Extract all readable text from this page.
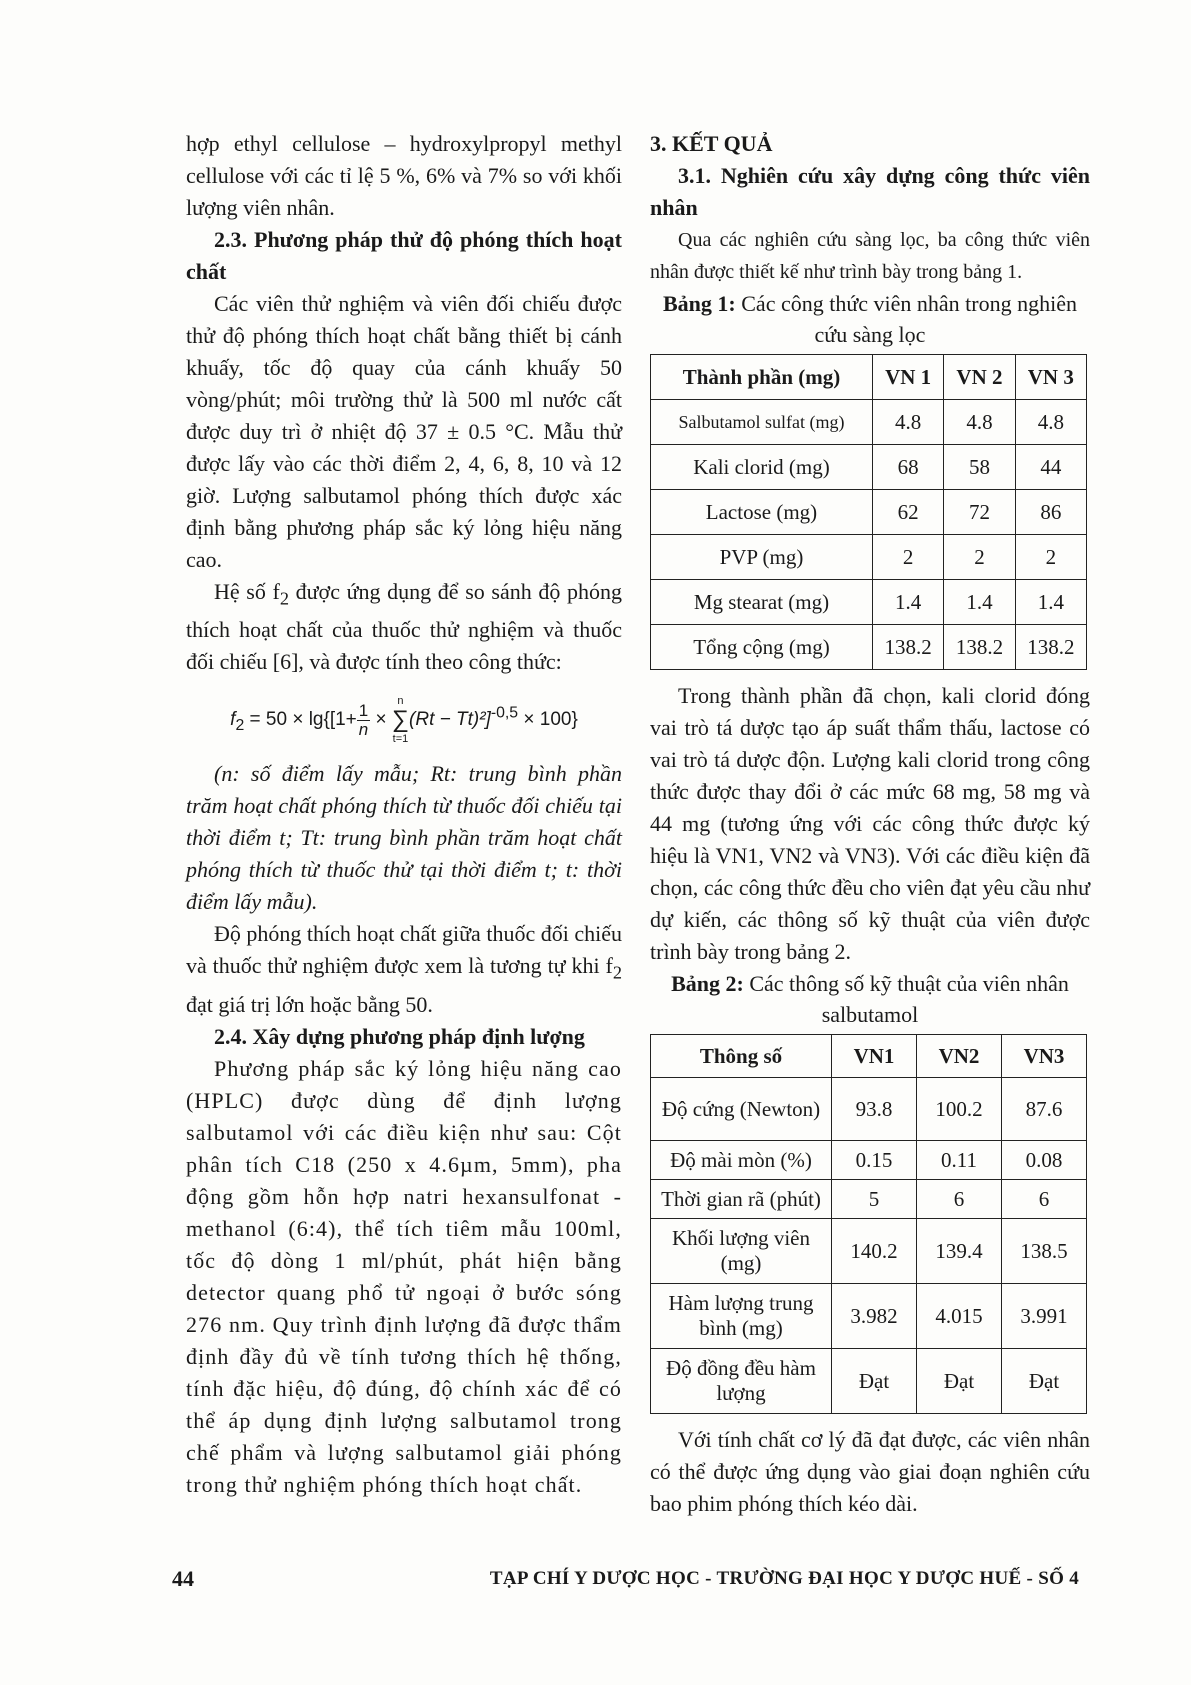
hợp ethyl cellulose – hydroxylpropyl methyl cellulose với các tỉ lệ 5 %, 6% và 7% so với khối lượng viên nhân.

2.3. Phương pháp thử độ phóng thích hoạt chất

Các viên thử nghiệm và viên đối chiếu được thử độ phóng thích hoạt chất bằng thiết bị cánh khuấy, tốc độ quay của cánh khuấy 50 vòng/phút; môi trường thử là 500 ml nước cất được duy trì ở nhiệt độ 37 ± 0.5 °C. Mẫu thử được lấy vào các thời điểm 2, 4, 6, 8, 10 và 12 giờ. Lượng salbutamol phóng thích được xác định bằng phương pháp sắc ký lỏng hiệu năng cao.

Hệ số $f_2$ được ứng dụng để so sánh độ phóng thích hoạt chất của thuốc thử nghiệm và thuốc đối chiếu [6], và được tính theo công thức:

$f_2 = 50 \times \lg\{[1+ \frac{1}{n}$ ×
n
∑
t=1
(Rt − Tt)²]$^{-0,5}$ × 100}

(n: số điểm lấy mẫu; Rt: trung bình phần trăm hoạt chất phóng thích từ thuốc đối chiếu tại thời điểm t; Tt: trung bình phần trăm hoạt chất phóng thích từ thuốc thử tại thời điểm t; t: thời điểm lấy mẫu).

Độ phóng thích hoạt chất giữa thuốc đối chiếu và thuốc thử nghiệm được xem là tương tự khi $f_2$ đạt giá trị lớn hoặc bằng 50.

2.4. Xây dựng phương pháp định lượng

Phương pháp sắc ký lỏng hiệu năng cao (HPLC) được dùng để định lượng salbutamol với các điều kiện như sau: Cột phân tích C18 (250 x 4.6µm, 5mm), pha động gồm hỗn hợp natri hexansulfonat - methanol (6:4), thể tích tiêm mẫu 100ml, tốc độ dòng 1 ml/phút, phát hiện bằng detector quang phổ tử ngoại ở bước sóng 276 nm. Quy trình định lượng đã được thẩm định đầy đủ về tính tương thích hệ thống, tính đặc hiệu, độ đúng, độ chính xác để có thể áp dụng định lượng salbutamol trong chế phẩm và lượng salbutamol giải phóng trong thử nghiệm phóng thích hoạt chất.

3. KẾT QUẢ

3.1. Nghiên cứu xây dựng công thức viên nhân

Qua các nghiên cứu sàng lọc, ba công thức viên nhân được thiết kế như trình bày trong bảng 1.

Bảng 1: Các công thức viên nhân trong nghiên cứu sàng lọc

Thành phần (mg)	VN 1	VN 2	VN 3
Salbutamol sulfat (mg)	4.8	4.8	4.8
Kali clorid (mg)	68	58	44
Lactose (mg)	62	72	86
PVP (mg)	2	2	2
Mg stearat (mg)	1.4	1.4	1.4
Tổng cộng (mg)	138.2	138.2	138.2

Trong thành phần đã chọn, kali clorid đóng vai trò tá dược tạo áp suất thẩm thấu, lactose có vai trò tá dược độn. Lượng kali clorid trong công thức được thay đổi ở các mức 68 mg, 58 mg và 44 mg (tương ứng với các công thức được ký hiệu là VN1, VN2 và VN3). Với các điều kiện đã chọn, các công thức đều cho viên đạt yêu cầu như dự kiến, các thông số kỹ thuật của viên được trình bày trong bảng 2.

Bảng 2: Các thông số kỹ thuật của viên nhân salbutamol

Thông số	VN1	VN2	VN3
Độ cứng (Newton)	93.8	100.2	87.6
Độ mài mòn (%)	0.15	0.11	0.08
Thời gian rã (phút)	5	6	6
Khối lượng viên (mg)	140.2	139.4	138.5
Hàm lượng trung bình (mg)	3.982	4.015	3.991
Độ đồng đều hàm lượng	Đạt	Đạt	Đạt

Với tính chất cơ lý đã đạt được, các viên nhân có thể được ứng dụng vào giai đoạn nghiên cứu bao phim phóng thích kéo dài.

44	TẠP CHÍ Y DƯỢC HỌC - TRƯỜNG ĐẠI HỌC Y DƯỢC HUẾ - SỐ 4
